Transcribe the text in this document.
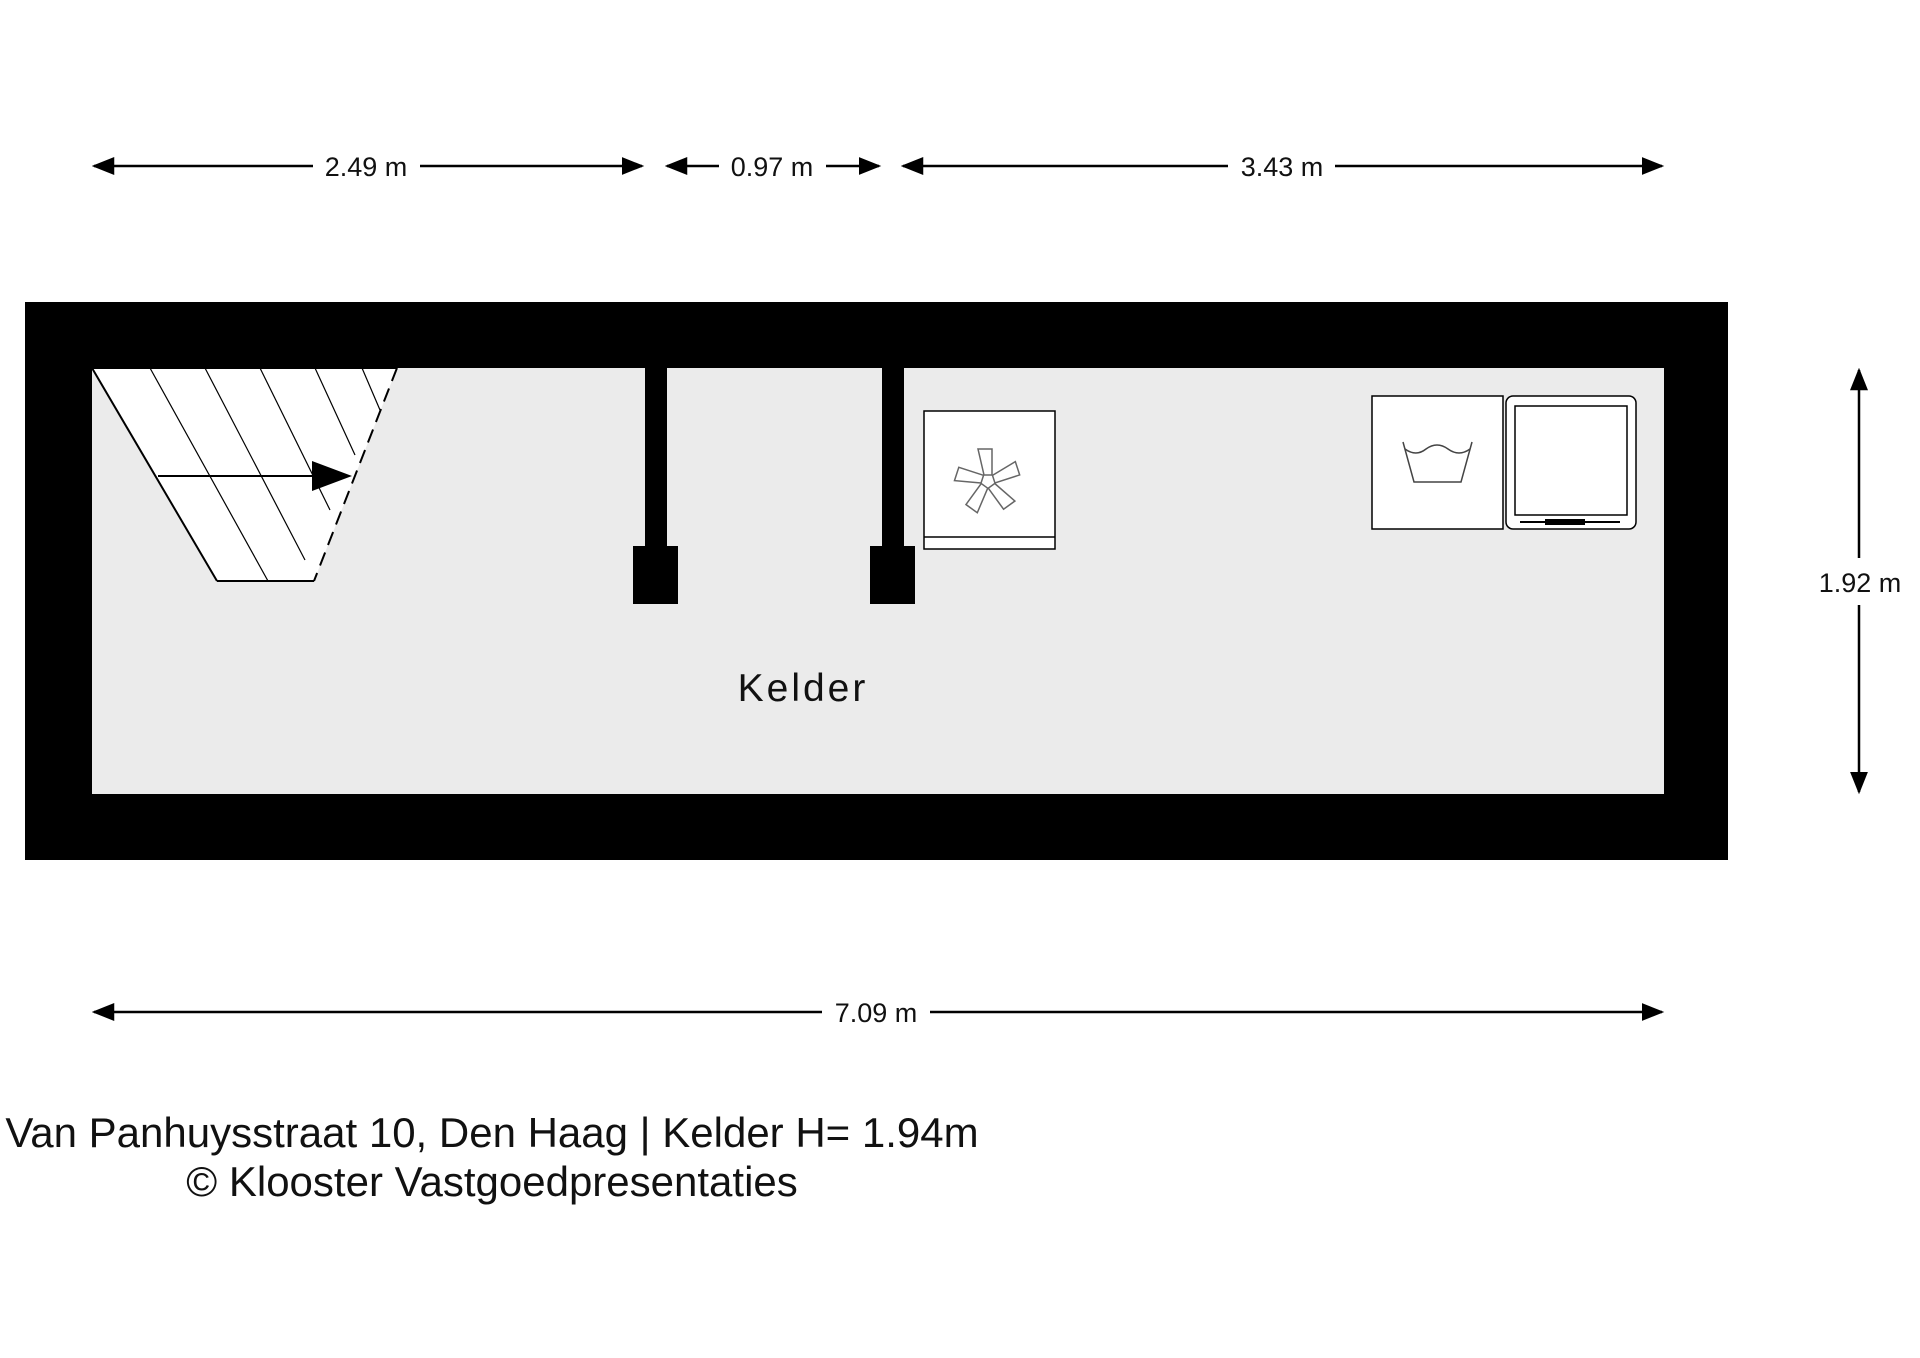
2.49 m	0.97 m	3.43 m
7.09 m
1.92 m
Kelder
Van Panhuysstraat 10, Den Haag | Kelder H= 1.94m
© Klooster Vastgoedpresentaties
